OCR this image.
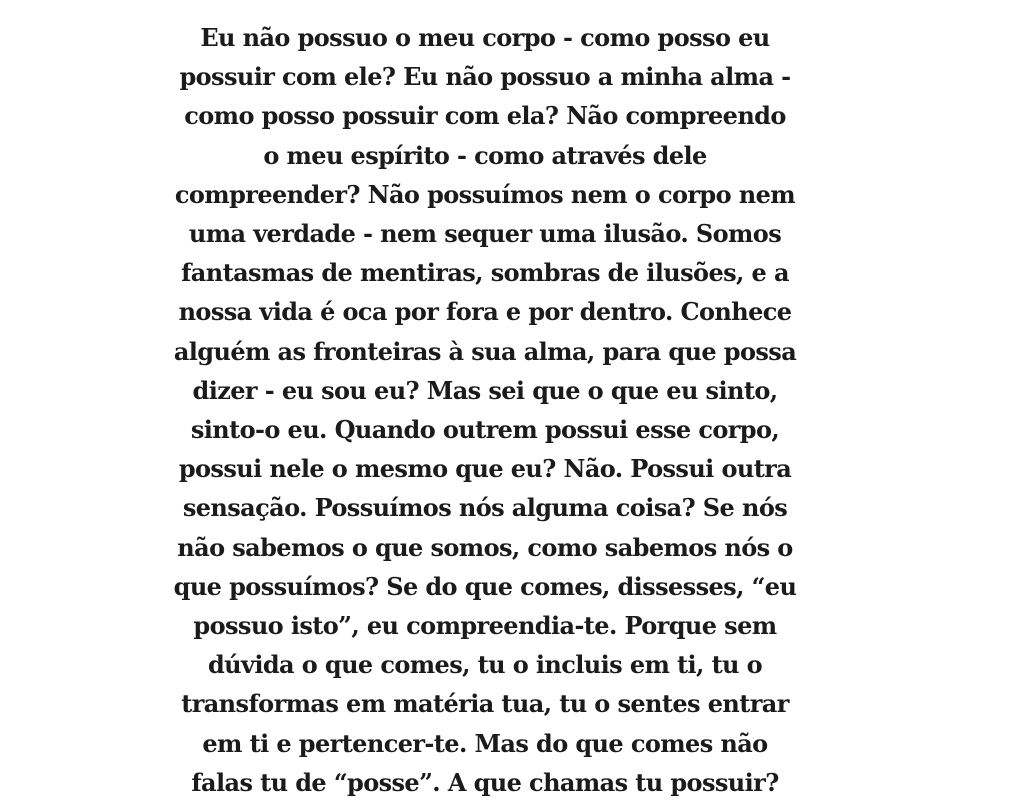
Eu não possuo o meu corpo - como posso eu
possuir com ele? Eu não possuo a minha alma -
como posso possuir com ela? Não compreendo
o meu espírito - como através dele
compreender? Não possuímos nem o corpo nem
uma verdade - nem sequer uma ilusão. Somos
fantasmas de mentiras, sombras de ilusões, e a
nossa vida é oca por fora e por dentro. Conhece
alguém as fronteiras à sua alma, para que possa
dizer - eu sou eu? Mas sei que o que eu sinto,
sinto-o eu. Quando outrem possui esse corpo,
possui nele o mesmo que eu? Não. Possui outra
sensação. Possuímos nós alguma coisa? Se nós
não sabemos o que somos, como sabemos nós o
que possuímos? Se do que comes, dissesses, “eu
possuo isto”, eu compreendia-te. Porque sem
dúvida o que comes, tu o incluis em ti, tu o
transformas em matéria tua, tu o sentes entrar
em ti e pertencer-te. Mas do que comes não
falas tu de “posse”. A que chamas tu possuir?
